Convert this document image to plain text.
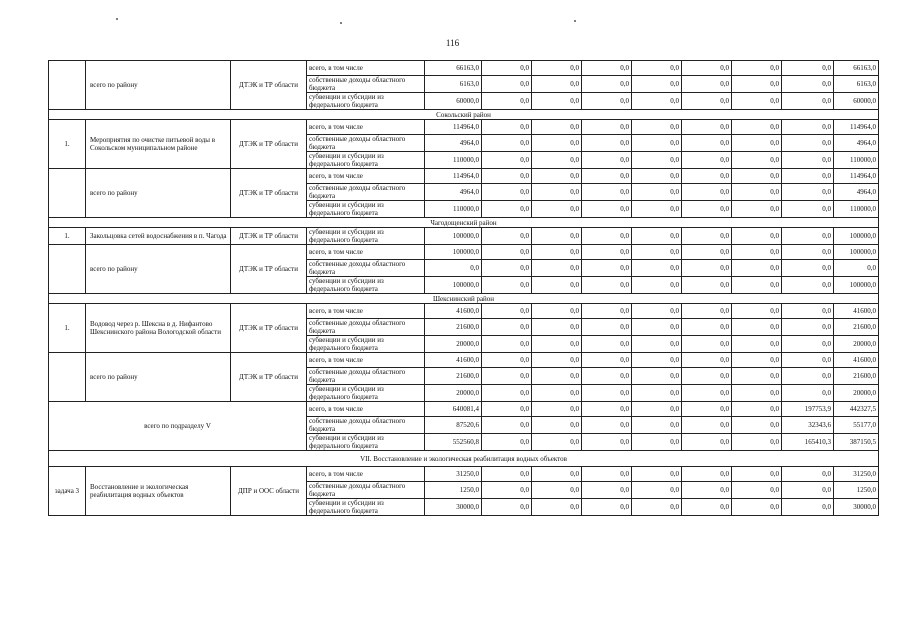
116
	всего по району	ДТЭК и ТР области	всего, в том числе	66163,0	0,0	0,0	0,0	0,0	0,0	0,0	0,0	66163,0
			собственные доходы областного бюджета	6163,0	0,0	0,0	0,0	0,0	0,0	0,0	0,0	6163,0
			субвенции и субсидии из федерального бюджета	60000,0	0,0	0,0	0,0	0,0	0,0	0,0	0,0	60000,0
Сокольский район												
1.	Мероприятия по очистке питьевой воды в Сокольском муниципальном районе	ДТЭК и ТР области	всего, в том числе	114964,0	0,0	0,0	0,0	0,0	0,0	0,0	0,0	114964,0
			собственные доходы областного бюджета	4964,0	0,0	0,0	0,0	0,0	0,0	0,0	0,0	4964,0
			субвенции и субсидии из федерального бюджета	110000,0	0,0	0,0	0,0	0,0	0,0	0,0	0,0	110000,0
	всего по району	ДТЭК и ТР области	всего, в том числе	114964,0	0,0	0,0	0,0	0,0	0,0	0,0	0,0	114964,0
			собственные доходы областного бюджета	4964,0	0,0	0,0	0,0	0,0	0,0	0,0	0,0	4964,0
			субвенции и субсидии из федерального бюджета	110000,0	0,0	0,0	0,0	0,0	0,0	0,0	0,0	110000,0
Чагодощенский район												
1.	Закольцовка сетей водоснабжения в п. Чагода	ДТЭК и ТР области	субвенции и субсидии из федерального бюджета	100000,0	0,0	0,0	0,0	0,0	0,0	0,0	0,0	100000,0
	всего по району	ДТЭК и ТР области	всего, в том числе	100000,0	0,0	0,0	0,0	0,0	0,0	0,0	0,0	100000,0
			собственные доходы областного бюджета	0,0	0,0	0,0	0,0	0,0	0,0	0,0	0,0	0,0
			субвенции и субсидии из федерального бюджета	100000,0	0,0	0,0	0,0	0,0	0,0	0,0	0,0	100000,0
Шекснинский район												
1.	Водовод через р. Шексна в д. Нифантово Шекснинского района Вологодской области	ДТЭК и ТР области	всего, в том числе	41600,0	0,0	0,0	0,0	0,0	0,0	0,0	0,0	41600,0
			собственные доходы областного бюджета	21600,0	0,0	0,0	0,0	0,0	0,0	0,0	0,0	21600,0
			субвенции и субсидии из федерального бюджета	20000,0	0,0	0,0	0,0	0,0	0,0	0,0	0,0	20000,0
	всего по району	ДТЭК и ТР области	всего, в том числе	41600,0	0,0	0,0	0,0	0,0	0,0	0,0	0,0	41600,0
			собственные доходы областного бюджета	21600,0	0,0	0,0	0,0	0,0	0,0	0,0	0,0	21600,0
			субвенции и субсидии из федерального бюджета	20000,0	0,0	0,0	0,0	0,0	0,0	0,0	0,0	20000,0
всего по подразделу V			всего, в том числе	640081,4	0,0	0,0	0,0	0,0	0,0	0,0	197753,9	442327,5
			собственные доходы областного бюджета	87520,6	0,0	0,0	0,0	0,0	0,0	0,0	32343,6	55177,0
			субвенции и субсидии из федерального бюджета	552560,8	0,0	0,0	0,0	0,0	0,0	0,0	165410,3	387150,5
VII. Восстановление и экологическая реабилитация водных объектов												
задача 3	Восстановление и экологическая реабилитация водных объектов	ДПР и ООС области	всего, в том числе	31250,0	0,0	0,0	0,0	0,0	0,0	0,0	0,0	31250,0
			собственные доходы областного бюджета	1250,0	0,0	0,0	0,0	0,0	0,0	0,0	0,0	1250,0
			субвенции и субсидии из федерального бюджета	30000,0	0,0	0,0	0,0	0,0	0,0	0,0	0,0	30000,0
